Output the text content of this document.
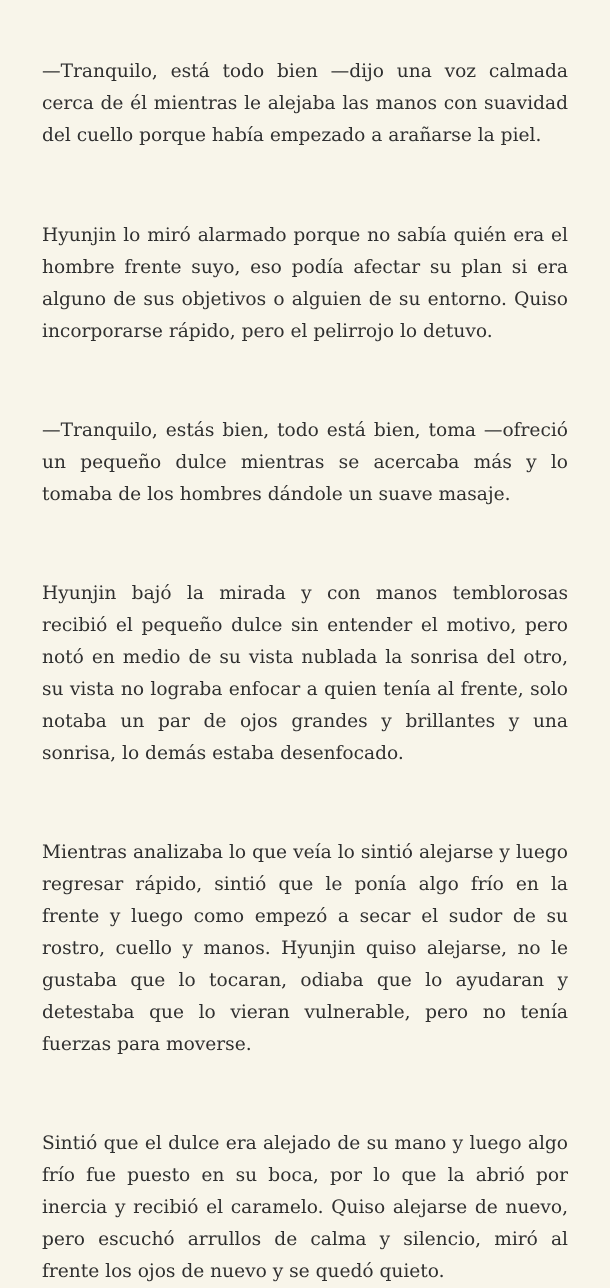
—Tranquilo, está todo bien —dijo una voz calmada cerca de él mientras le alejaba las manos con suavidad del cuello porque había empezado a arañarse la piel.

Hyunjin lo miró alarmado porque no sabía quién era el hombre frente suyo, eso podía afectar su plan si era alguno de sus objetivos o alguien de su entorno. Quiso incorporarse rápido, pero el pelirrojo lo detuvo.

—Tranquilo, estás bien, todo está bien, toma —ofreció un pequeño dulce mientras se acercaba más y lo tomaba de los hombres dándole un suave masaje.

Hyunjin bajó la mirada y con manos temblorosas recibió el pequeño dulce sin entender el motivo, pero notó en medio de su vista nublada la sonrisa del otro, su vista no lograba enfocar a quien tenía al frente, solo notaba un par de ojos grandes y brillantes y una sonrisa, lo demás estaba desenfocado.

Mientras analizaba lo que veía lo sintió alejarse y luego regresar rápido, sintió que le ponía algo frío en la frente y luego como empezó a secar el sudor de su rostro, cuello y manos. Hyunjin quiso alejarse, no le gustaba que lo tocaran, odiaba que lo ayudaran y detestaba que lo vieran vulnerable, pero no tenía fuerzas para moverse.

Sintió que el dulce era alejado de su mano y luego algo frío fue puesto en su boca, por lo que la abrió por inercia y recibió el caramelo. Quiso alejarse de nuevo, pero escuchó arrullos de calma y silencio, miró al frente los ojos de nuevo y se quedó quieto.
